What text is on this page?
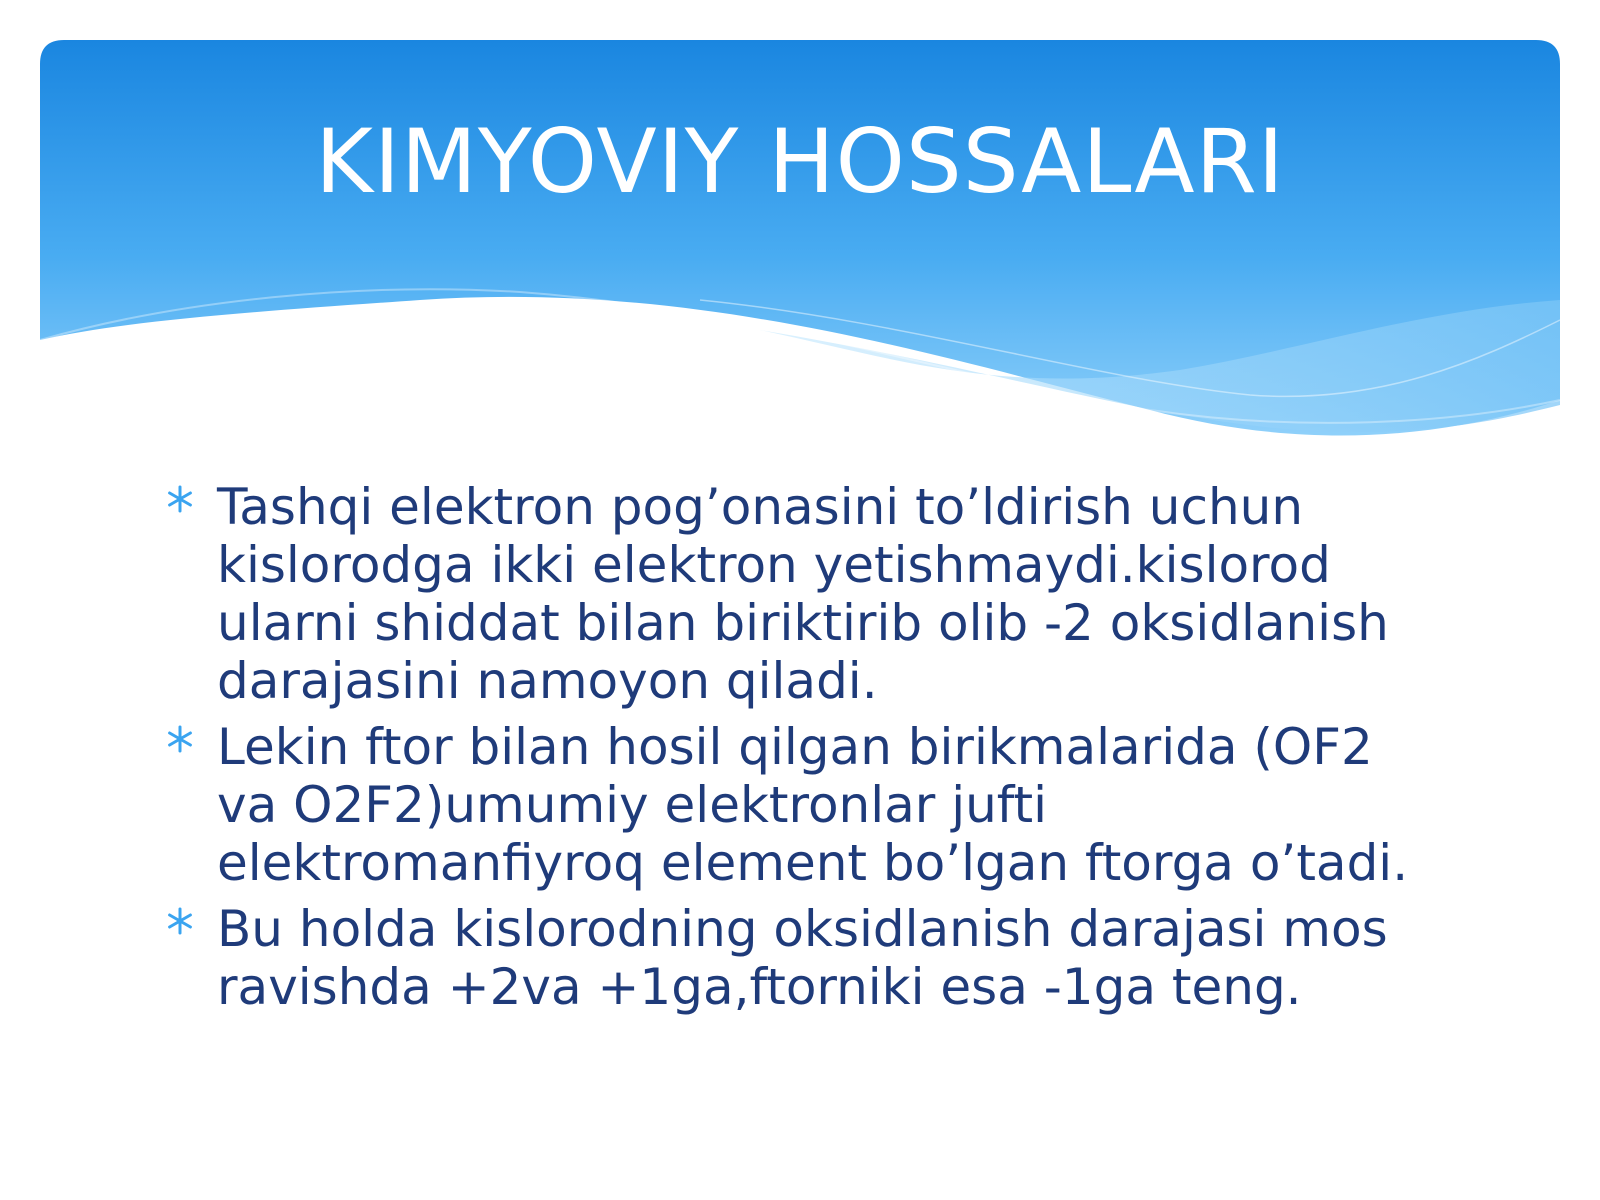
KIMYOVIY HOSSALARI
Tashqi elektron pog’onasini to’ldirish uchun kislorodga ikki elektron yetishmaydi.kislorod ularni shiddat bilan biriktirib olib -2 oksidlanish darajasini namoyon qiladi.
Lekin ftor bilan hosil qilgan birikmalarida (OF2 va O2F2)umumiy elektronlar jufti elektromanfiyroq element bo’lgan ftorga o’tadi.
Bu holda kislorodning oksidlanish darajasi mos ravishda +2va +1ga,ftorniki esa -1ga teng.
